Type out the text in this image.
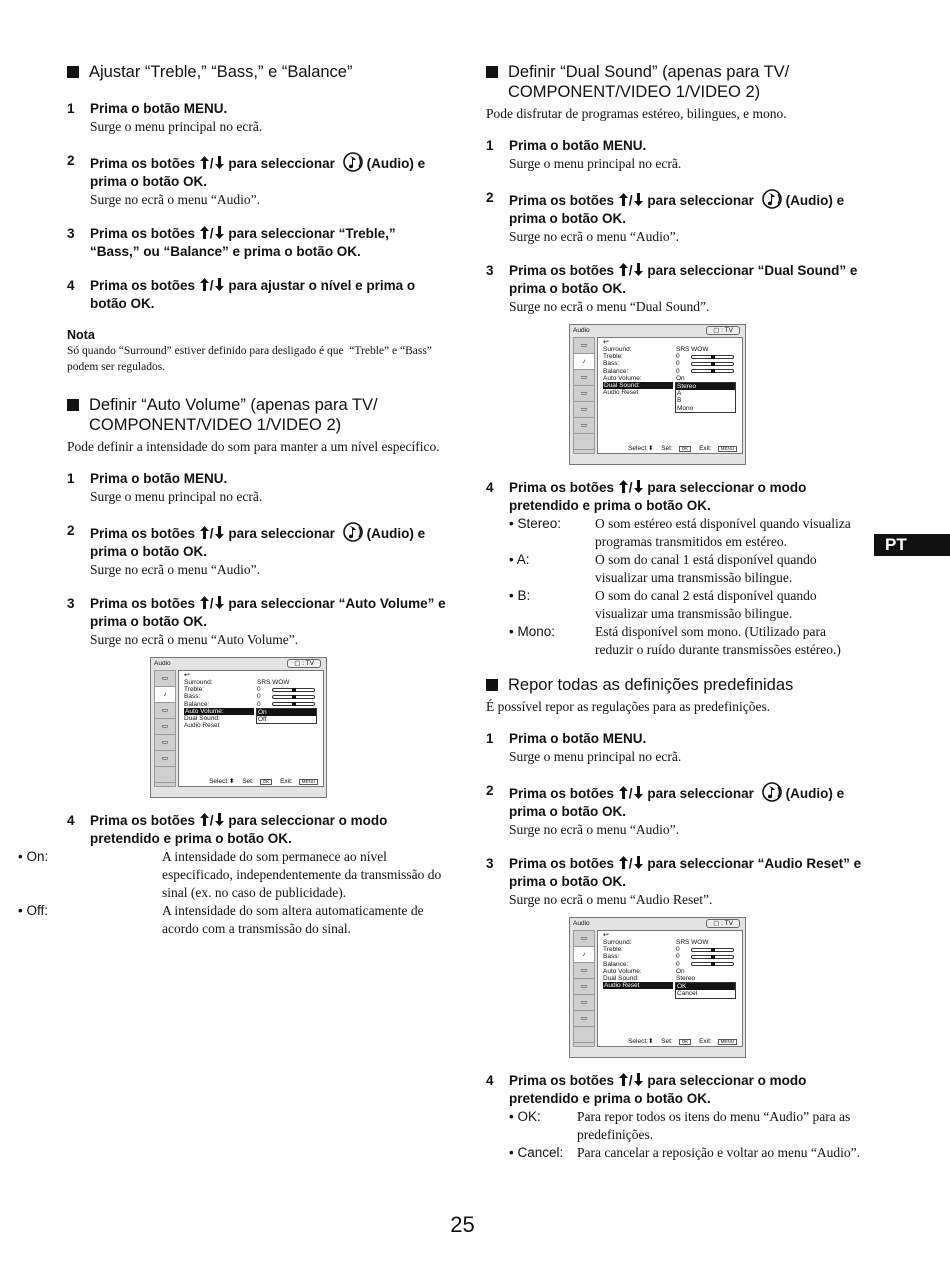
Ajustar “Treble,” “Bass,” e “Balance”
1 Prima o botão MENU.
Surge o menu principal no ecrã.
2 Prima os botões / para seleccionar (Audio) e prima o botão OK.
Surge no ecrã o menu “Audio”.
3 Prima os botões / para seleccionar “Treble,” “Bass,” ou “Balance” e prima o botão OK.
4 Prima os botões / para ajustar o nível e prima o botão OK.
Nota
Só quando “Surround” estiver definido para desligado é que  “Treble” e “Bass” podem ser regulados.
Definir “Auto Volume” (apenas para TV/ COMPONENT/VIDEO 1/VIDEO 2)
Pode definir a intensidade do som para manter a um nível específico.
1 Prima o botão MENU.
Surge o menu principal no ecrã.
2 Prima os botões / para seleccionar (Audio) e prima o botão OK.
Surge no ecrã o menu “Audio”.
3 Prima os botões / para seleccionar “Auto Volume” e prima o botão OK.
Surge no ecrã o menu “Auto Volume”.
Audio	▢ : TV
▭
♪
▭
▭
▭
▭
↩
Surround:	SRS WOW
Treble:	0
Bass:	0
Balance:	0
Auto Volume:
Dual Sound:
Audio Reset
On
Off
Select:⬍ Set: OK Exit: MENU
4 Prima os botões / para seleccionar o modo pretendido e prima o botão OK.
• On:	A intensidade do som permanece ao nível especificado, independentemente da transmissão do sinal (ex. no caso de publicidade).
• Off:	A intensidade do som altera automaticamente de acordo com a transmissão do sinal.
Definir “Dual Sound” (apenas para TV/ COMPONENT/VIDEO 1/VIDEO 2)
Pode disfrutar de programas estéreo, bilingues, e mono.
1 Prima o botão MENU.
Surge o menu principal no ecrã.
2 Prima os botões / para seleccionar (Audio) e prima o botão OK.
Surge no ecrã o menu “Audio”.
3 Prima os botões / para seleccionar “Dual Sound” e prima o botão OK.
Surge no ecrã o menu “Dual Sound”.
Audio	▢ : TV
▭
♪
▭
▭
▭
▭
↩
Surround:	SRS WOW
Treble:	0
Bass:	0
Balance:	0
Auto Volume:	On
Dual Sound:
Audio Reset
Stereo
A
B
Mono
Select:⬍ Set: OK Exit: MENU
4 Prima os botões / para seleccionar o modo pretendido e prima o botão OK.
• Stereo:	O som estéreo está disponível quando visualiza programas transmitidos em estéreo.
• A:	O som do canal 1 está disponível quando visualizar uma transmissão bilingue.
• B:	O som do canal 2 está disponível quando visualizar uma transmissão bilingue.
• Mono:	Está disponível som mono. (Utilizado para reduzir o ruído durante transmissões estéreo.)
Repor todas as definições predefinidas
É possível repor as regulações para as predefinições.
1 Prima o botão MENU.
Surge o menu principal no ecrã.
2 Prima os botões / para seleccionar (Audio) e prima o botão OK.
Surge no ecrã o menu “Audio”.
3 Prima os botões / para seleccionar “Audio Reset” e prima o botão OK.
Surge no ecrã o menu “Audio Reset”.
Audio	▢ : TV
▭
♪
▭
▭
▭
▭
↩
Surround:	SRS WOW
Treble:	0
Bass:	0
Balance:	0
Auto Volume:	On
Dual Sound:	Stereo
Audio Reset	OK
Cancel
Select:⬍ Set: OK Exit: MENU
4 Prima os botões / para seleccionar o modo pretendido e prima o botão OK.
• OK:	Para repor todos os itens do menu “Audio” para as predefinições.
• Cancel: Para cancelar a reposição e voltar ao menu “Audio”.
PT
25
